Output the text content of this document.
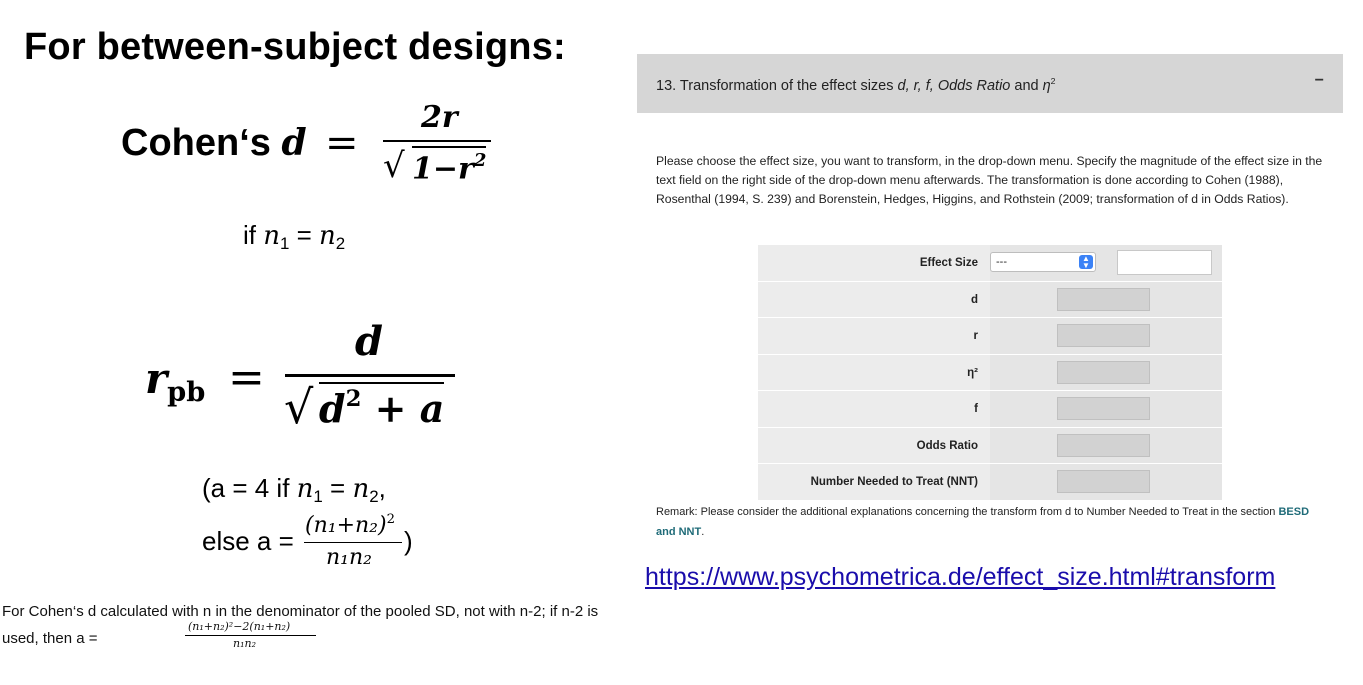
For between-subject designs:
Cohen‘s d =
2r
√ $1-r^2$
if $n_1 = n_2$
$r_{pb}$ =
d
√ $d^2 + a$
(a = 4 if $n_1 = n_2$,
else a =
$(n_1+n_2)^2$
n₁n₂
)
For Cohen‘s d calculated with n in the denominator of the pooled SD, not with n-2; if n-2 is used, then a =
(n₁+n₂)²−2(n₁+n₂)
n₁n₂
13. Transformation of the effect sizes d, r, f, Odds Ratio and $\eta^2$	−
Please choose the effect size, you want to transform, in the drop-down menu. Specify the magnitude of the effect size in the text field on the right side of the drop-down menu afterwards. The transformation is done according to Cohen (1988), Rosenthal (1994, S. 239) and Borenstein, Hedges, Higgins, and Rothstein (2009; transformation of d in Odds Ratios).
Effect Size	---	▲
▼
d
r
η²
f
Odds Ratio
Number Needed to Treat (NNT)
Remark: Please consider the additional explanations concerning the transform from d to Number Needed to Treat in the section BESD and NNT.
https://www.psychometrica.de/effect_size.html#transform
